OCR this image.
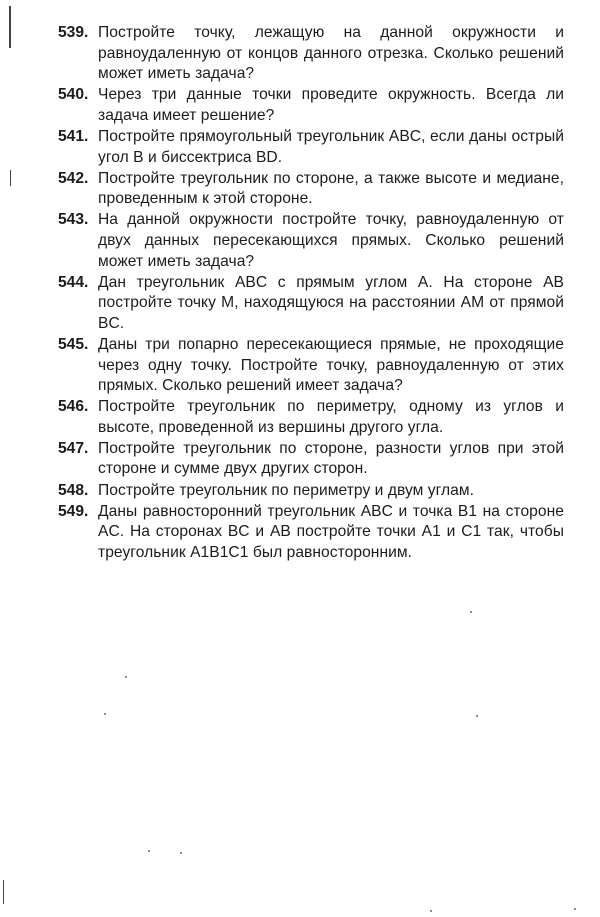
539. Постройте точку, лежащую на данной окружности и равноудаленную от концов данного отрезка. Сколько решений может иметь задача?
540. Через три данные точки проведите окружность. Всегда ли задача имеет решение?
541. Постройте прямоугольный треугольник ABC, если даны острый угол B и биссектриса BD.
542. Постройте треугольник по стороне, а также высоте и медиане, проведенным к этой стороне.
543. На данной окружности постройте точку, равноудаленную от двух данных пересекающихся прямых. Сколько решений может иметь задача?
544. Дан треугольник ABC с прямым углом A. На стороне AB постройте точку M, находящуюся на расстоянии AM от прямой BC.
545. Даны три попарно пересекающиеся прямые, не проходящие через одну точку. Постройте точку, равноудаленную от этих прямых. Сколько решений имеет задача?
546. Постройте треугольник по периметру, одному из углов и высоте, проведенной из вершины другого угла.
547. Постройте треугольник по стороне, разности углов при этой стороне и сумме двух других сторон.
548. Постройте треугольник по периметру и двум углам.
549. Даны равносторонний треугольник ABC и точка B1 на стороне AC. На сторонах BC и AB постройте точки A1 и C1 так, чтобы треугольник A1B1C1 был равносторонним.
